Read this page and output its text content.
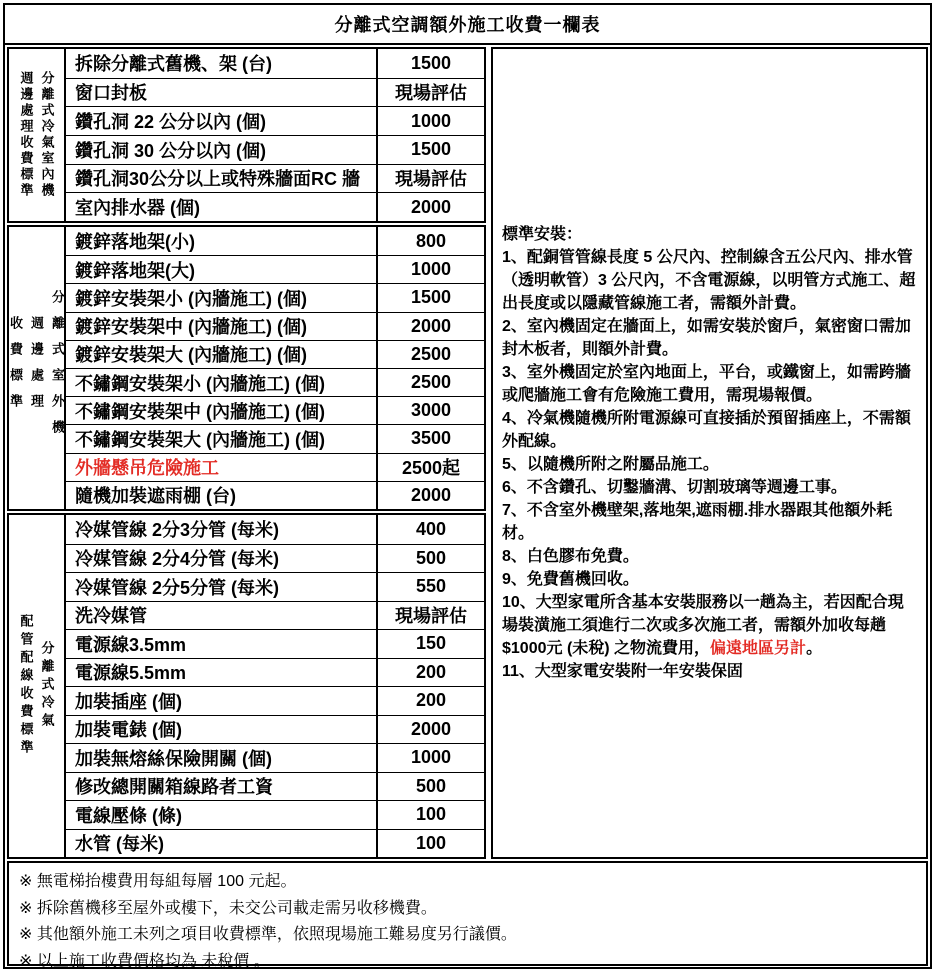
分離式空調額外施工收費一欄表
分離式冷氣室內機
週邊處理收費標準
拆除分離式舊機、架 (台)	1500
窗口封板	現場評估
鑽孔洞 22 公分以內 (個)	1000
鑽孔洞 30 公分以內 (個)	1500
鑽孔洞30公分以上或特殊牆面RC 牆	現場評估
室內排水器 (個)	2000
分離式室外機
週邊處理
收費標準
鍍鋅落地架(小)	800
鍍鋅落地架(大)	1000
鍍鋅安裝架小 (內牆施工) (個)	1500
鍍鋅安裝架中 (內牆施工) (個)	2000
鍍鋅安裝架大 (內牆施工) (個)	2500
不鏽鋼安裝架小 (內牆施工) (個)	2500
不鏽鋼安裝架中 (內牆施工) (個)	3000
不鏽鋼安裝架大 (內牆施工) (個)	3500
外牆懸吊危險施工	2500起
隨機加裝遮雨棚 (台)	2000
分離式冷氣
配管配線收費標準
冷媒管線 2分3分管 (每米)	400
冷媒管線 2分4分管 (每米)	500
冷媒管線 2分5分管 (每米)	550
洗冷媒管	現場評估
電源線3.5mm	150
電源線5.5mm	200
加裝插座 (個)	200
加裝電錶 (個)	2000
加裝無熔絲保險開關 (個)	1000
修改總開關箱線路者工資	500
電線壓條 (條)	100
水管 (每米)	100
標準安裝：
1、配銅管管線長度 5 公尺內、控制線含五公尺內、排水管（透明軟管）3 公尺內，不含電源線，以明管方式施工、超出長度或以隱藏管線施工者，需額外計費。
2、室內機固定在牆面上，如需安裝於窗戶，氣密窗口需加封木板者，則額外計費。
3、室外機固定於室內地面上，平台，或鐵窗上，如需跨牆或爬牆施工會有危險施工費用，需現場報價。
4、冷氣機隨機所附電源線可直接插於預留插座上，不需額外配線。
5、以隨機所附之附屬品施工。
6、不含鑽孔、切鑿牆溝、切割玻璃等週邊工事。
7、不含室外機壁架,落地架,遮雨棚.排水器跟其他額外耗材。
8、白色膠布免費。
9、免費舊機回收。
10、大型家電所含基本安裝服務以一趟為主，若因配合現場裝潢施工須進行二次或多次施工者，需額外加收每趟 $1000元 (未稅) 之物流費用，偏遠地區另計。
11、大型家電安裝附一年安裝保固
※ 無電梯抬樓費用每組每層 100 元起。
※ 拆除舊機移至屋外或樓下，未交公司載走需另收移機費。
※ 其他額外施工未列之項目收費標準，依照現場施工難易度另行議價。
※ 以上施工收費價格均為 未稅價 。
